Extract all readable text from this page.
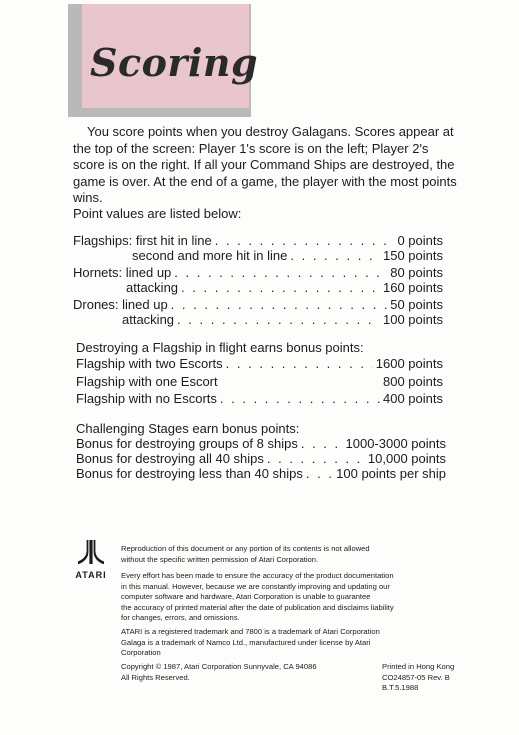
Scoring

You score points when you destroy Galagans. Scores appear at the top of the screen: Player 1's score is on the left; Player 2's score is on the right. If all your Command Ships are destroyed, the game is over. At the end of a game, the player with the most points wins.

Point values are listed below:
Flagships: first hit in line . . .	0 points
second and more hit in line . . .	150 points
Hornets: lined up . . .	80 points
attacking . . .	160 points
Drones: lined up . . .	50 points
attacking . . .	100 points
Destroying a Flagship in flight earns bonus points:
Flagship with two Escorts . . .	1600 points
Flagship with one Escort	800 points
Flagship with no Escorts . . .	400 points
Challenging Stages earn bonus points:
Bonus for destroying groups of 8 ships . . .	1000-3000 points
Bonus for destroying all 40 ships . . .	10,000 points
Bonus for destroying less than 40 ships . . .	100 points per ship
ATARI
Reproduction of this document or any portion of its contents is not allowed
without the specific written permission of Atari Corporation.
Every effort has been made to ensure the accuracy of the product documentation
in this manual. However, because we are constantly improving and updating our
computer software and hardware, Atari Corporation is unable to guarantee
the accuracy of printed material after the date of publication and disclaims liability
for changes, errors, and omissions.
ATARI is a registered trademark and 7800 is a trademark of Atari Corporation
Galaga is a trademark of Namco Ltd., manufactured under license by Atari
Corporation
Copyright © 1987, Atari Corporation Sunnyvale, CA 94086
All Rights Reserved.
Printed in Hong Kong
CO24857-05 Rev. B
B.T.5.1988
